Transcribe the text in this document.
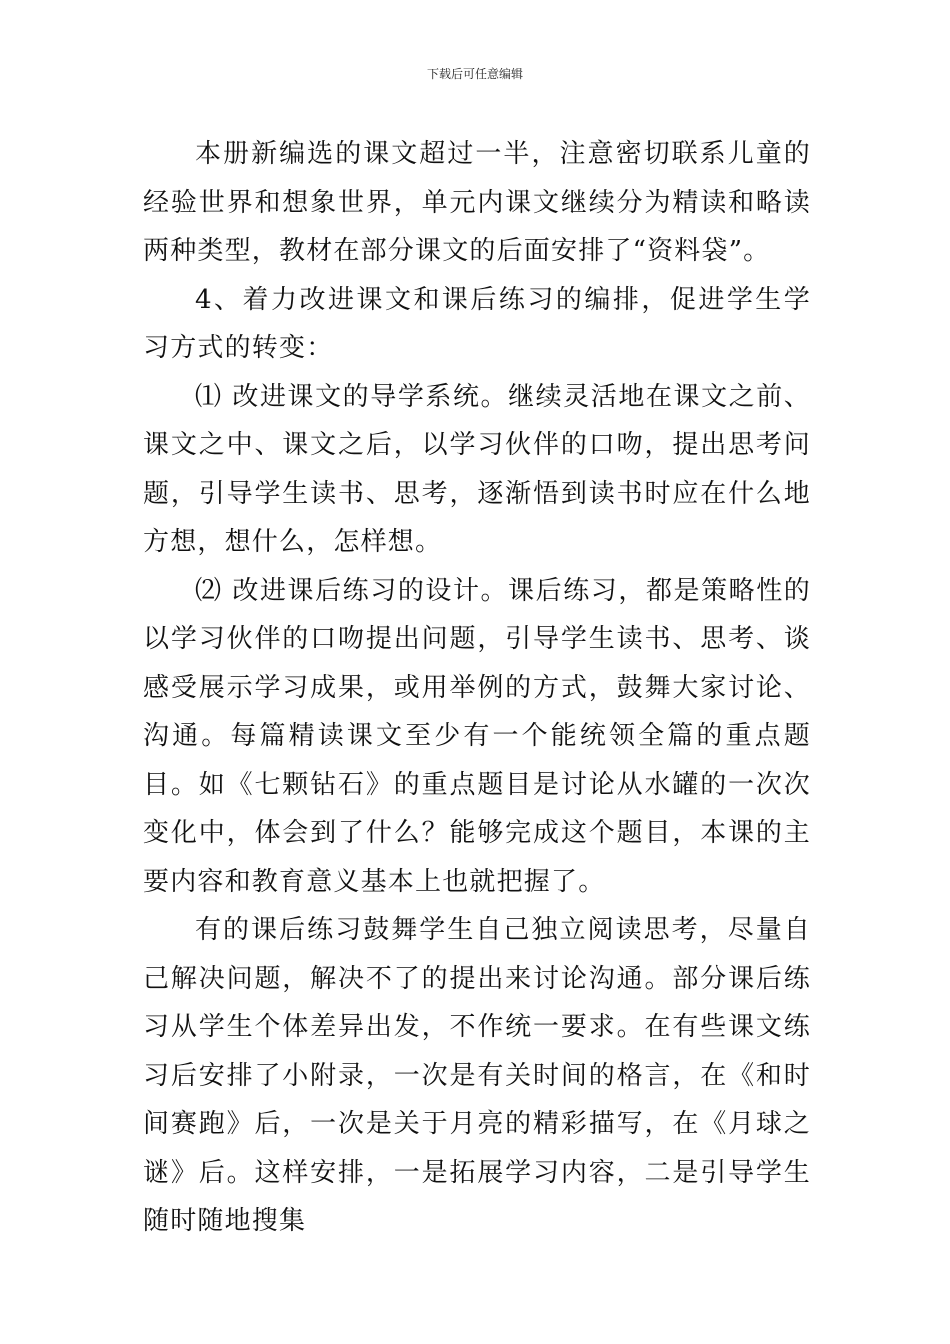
下载后可任意编辑

本册新编选的课文超过一半，注意密切联系儿童的经验世界和想象世界，单元内课文继续分为精读和略读两种类型，教材在部分课文的后面安排了“资料袋”。

4、着力改进课文和课后练习的编排，促进学生学习方式的转变：

⑴ 改进课文的导学系统。继续灵活地在课文之前、课文之中、课文之后，以学习伙伴的口吻，提出思考问题，引导学生读书、思考，逐渐悟到读书时应在什么地方想，想什么，怎样想。

⑵ 改进课后练习的设计。课后练习，都是策略性的以学习伙伴的口吻提出问题，引导学生读书、思考、谈感受展示学习成果，或用举例的方式，鼓舞大家讨论、沟通。每篇精读课文至少有一个能统领全篇的重点题目。如《七颗钻石》的重点题目是讨论从水罐的一次次变化中，体会到了什么？能够完成这个题目，本课的主要内容和教育意义基本上也就把握了。

有的课后练习鼓舞学生自己独立阅读思考，尽量自己解决问题，解决不了的提出来讨论沟通。部分课后练习从学生个体差异出发，不作统一要求。在有些课文练习后安排了小附录，一次是有关时间的格言，在《和时间赛跑》后，一次是关于月亮的精彩描写，在《月球之谜》后。这样安排，一是拓展学习内容，二是引导学生随时随地搜集
